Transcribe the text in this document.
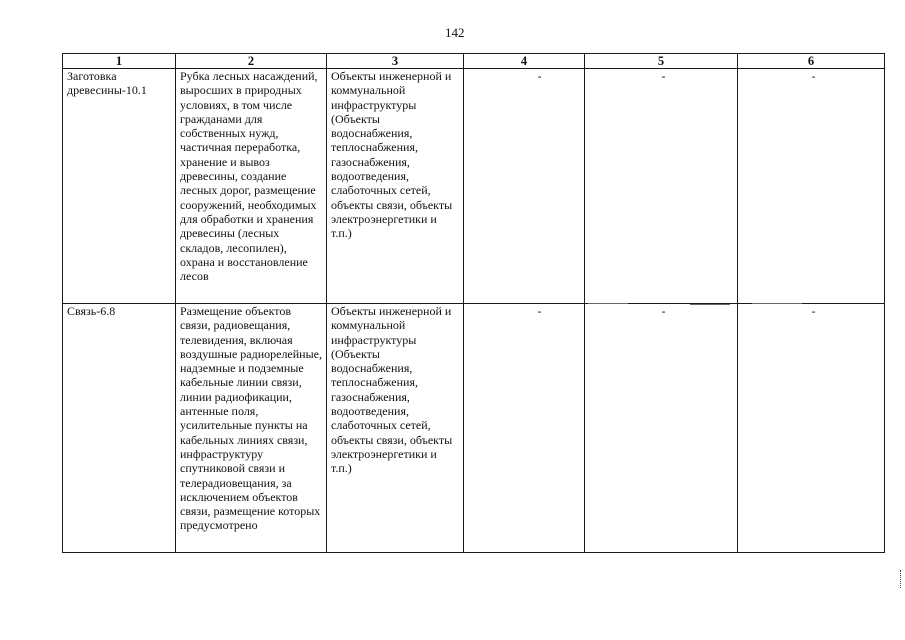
142
1	2	3	4	5	6
Заготовка древесины-10.1	Рубка лесных насаждений, выросших в природных условиях, в том числе гражданами для собственных нужд, частичная переработка, хранение и вывоз древесины, создание лесных дорог, размещение сооружений, необходимых для обработки и хранения древесины (лесных складов, лесопилен), охрана и восстановление лесов	Объекты инженерной и коммунальной инфраструктуры (Объекты водоснабжения, теплоснабжения, газоснабжения, водоотведения, слаботочных сетей, объекты связи, объекты электроэнергетики и т.п.)	-	-	-
Связь-6.8	Размещение объектов связи, радиовещания, телевидения, включая воздушные радиорелейные, надземные и подземные кабельные линии связи, линии радиофикации, антенные поля, усилительные пункты на кабельных линиях связи, инфраструктуру спутниковой связи и телерадиовещания, за исключением объектов связи, размещение которых предусмотрено	Объекты инженерной и коммунальной инфраструктуры (Объекты водоснабжения, теплоснабжения, газоснабжения, водоотведения, слаботочных сетей, объекты связи, объекты электроэнергетики и т.п.)	-	-	-
